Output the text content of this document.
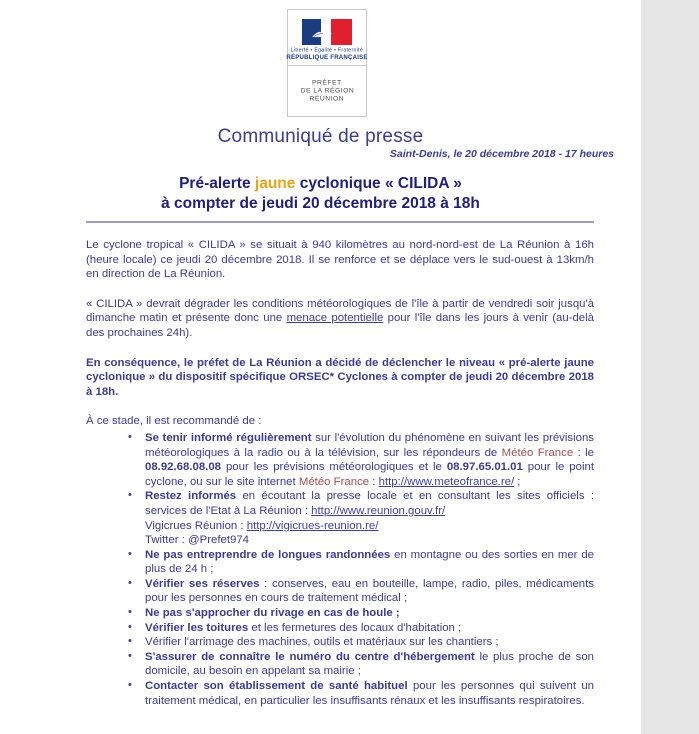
Liberté • Égalité • Fraternité
RÉPUBLIQUE FRANÇAISE
PRÉFET
DE LA RÉGION
RÉUNION
Communiqué de presse
Saint-Denis, le 20 décembre 2018 - 17 heures
Pré-alerte jaune cyclonique « CILIDA »
à compter de jeudi 20 décembre 2018 à 18h

Le cyclone tropical « CILIDA » se situait à 940 kilomètres au nord-nord-est de La Réunion à 16h (heure locale) ce jeudi 20 décembre 2018. Il se renforce et se déplace vers le sud-ouest à 13km/h en direction de La Réunion.

« CILIDA » devrait dégrader les conditions météorologiques de l'île à partir de vendredi soir jusqu'à dimanche matin et présente donc une menace potentielle pour l'île dans les jours à venir (au-delà des prochaines 24h).

En conséquence, le préfet de La Réunion a décidé de déclencher le niveau « pré-alerte jaune cyclonique » du dispositif spécifique ORSEC* Cyclones à compter de jeudi 20 décembre 2018 à 18h.

À ce stade, il est recommandé de :

• Se tenir informé régulièrement sur l'évolution du phénomène en suivant les prévisions météorologiques à la radio ou à la télévision, sur les répondeurs de Météo France : le 08.92.68.08.08 pour les prévisions météorologiques et le 08.97.65.01.01 pour le point cyclone, ou sur le site internet Météo France : http://www.meteofrance.re/ ;
• Restez informés en écoutant la presse locale et en consultant les sites officiels : services de l'Etat à La Réunion : http://www.reunion.gouv.fr/
Vigicrues Réunion : http://vigicrues-reunion.re/
Twitter : @Prefet974
• Ne pas entreprendre de longues randonnées en montagne ou des sorties en mer de plus de 24 h ;
• Vérifier ses réserves : conserves, eau en bouteille, lampe, radio, piles, médicaments pour les personnes en cours de traitement médical ;
• Ne pas s'approcher du rivage en cas de houle ;
• Vérifier les toitures et les fermetures des locaux d'habitation ;
• Vérifier l'arrimage des machines, outils et matériaux sur les chantiers ;
• S'assurer de connaître le numéro du centre d'hébergement le plus proche de son domicile, au besoin en appelant sa mairie ;
• Contacter son établissement de santé habituel pour les personnes qui suivent un traitement médical, en particulier les insuffisants rénaux et les insuffisants respiratoires.
